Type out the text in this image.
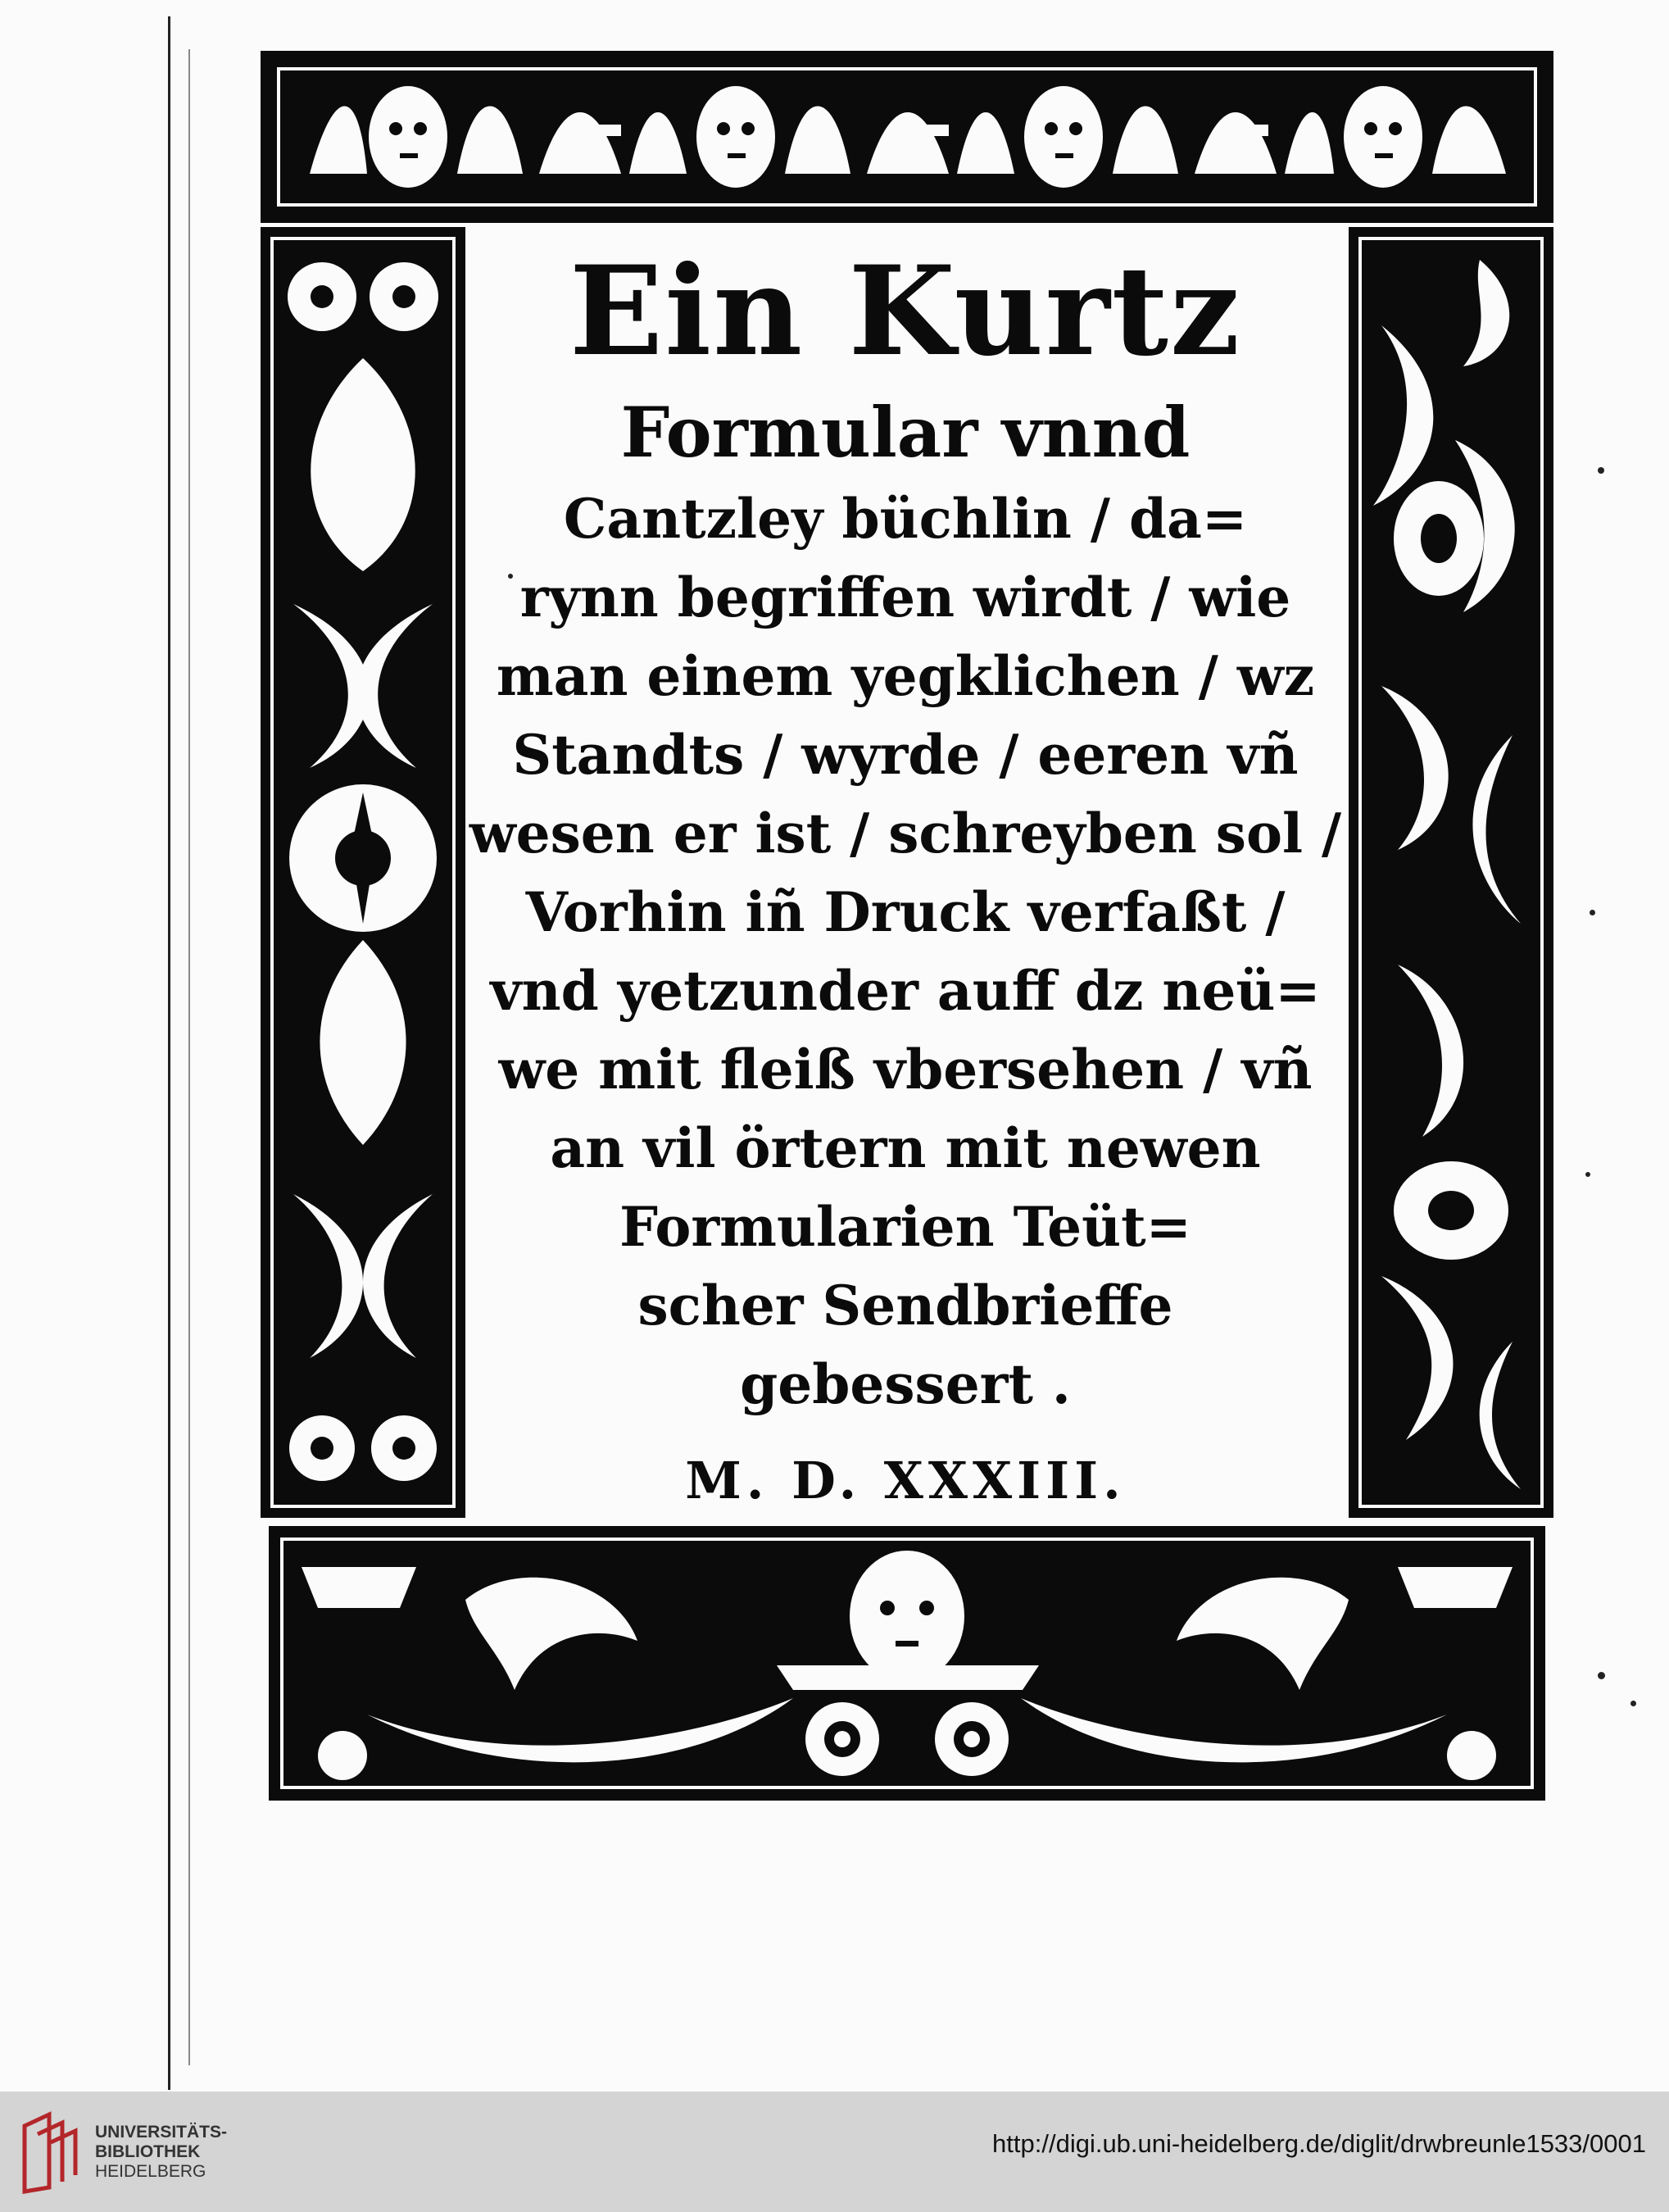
Ein Kurtz
Formular vnnd
Cantzley büchlin / da=
rynn begriffen wirdt / wie
man einem yegklichen / wz
Standts / wyrde / eeren vñ
wesen er ist / schreyben sol /
Vorhin iñ Druck verfaßt /
vnd yetzunder auff dz neü=
we mit fleiß vbersehen / vñ
an vil örtern mit newen
Formularien Teüt=
scher Sendbrieffe
gebessert .
M. D. XXXIII.
UNIVERSITÄTS-
BIBLIOTHEK
HEIDELBERG
http://digi.ub.uni-heidelberg.de/diglit/drwbreunle1533/0001
